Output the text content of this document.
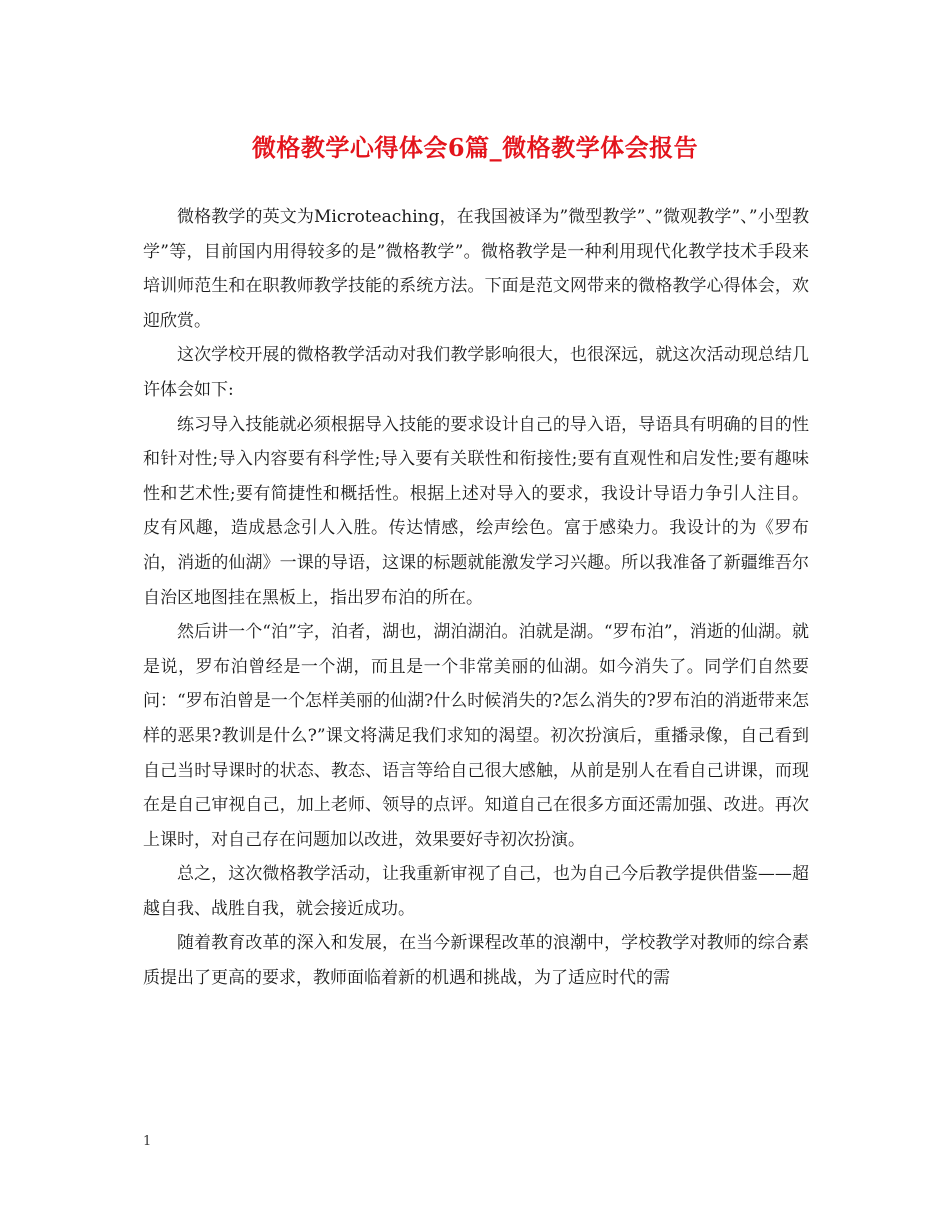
微格教学心得体会6篇_微格教学体会报告

微格教学的英文为Microteaching，在我国被译为”微型教学”、”微观教学”、”小型教学”等，目前国内用得较多的是”微格教学”。微格教学是一种利用现代化教学技术手段来培训师范生和在职教师教学技能的系统方法。下面是范文网带来的微格教学心得体会，欢迎欣赏。

这次学校开展的微格教学活动对我们教学影响很大，也很深远，就这次活动现总结几许体会如下:

练习导入技能就必须根据导入技能的要求设计自己的导入语，导语具有明确的目的性和针对性;导入内容要有科学性;导入要有关联性和衔接性;要有直观性和启发性;要有趣味性和艺术性;要有简捷性和概括性。根据上述对导入的要求，我设计导语力争引人注目。皮有风趣，造成悬念引人入胜。传达情感，绘声绘色。富于感染力。我设计的为《罗布泊，消逝的仙湖》一课的导语，这课的标题就能激发学习兴趣。所以我准备了新疆维吾尔自治区地图挂在黑板上，指出罗布泊的所在。

然后讲一个“泊”字，泊者，湖也，湖泊湖泊。泊就是湖。“罗布泊”，消逝的仙湖。就是说，罗布泊曾经是一个湖，而且是一个非常美丽的仙湖。如今消失了。同学们自然要问：“罗布泊曾是一个怎样美丽的仙湖?什么时候消失的?怎么消失的?罗布泊的消逝带来怎样的恶果?教训是什么?”课文将满足我们求知的渴望。初次扮演后，重播录像，自己看到自己当时导课时的状态、教态、语言等给自己很大感触，从前是别人在看自己讲课，而现在是自己审视自己，加上老师、领导的点评。知道自己在很多方面还需加强、改进。再次上课时，对自己存在问题加以改进，效果要好寺初次扮演。

总之，这次微格教学活动，让我重新审视了自己，也为自己今后教学提供借鉴——超越自我、战胜自我，就会接近成功。

随着教育改革的深入和发展，在当今新课程改革的浪潮中，学校教学对教师的综合素质提出了更高的要求，教师面临着新的机遇和挑战，为了适应时代的需

1
